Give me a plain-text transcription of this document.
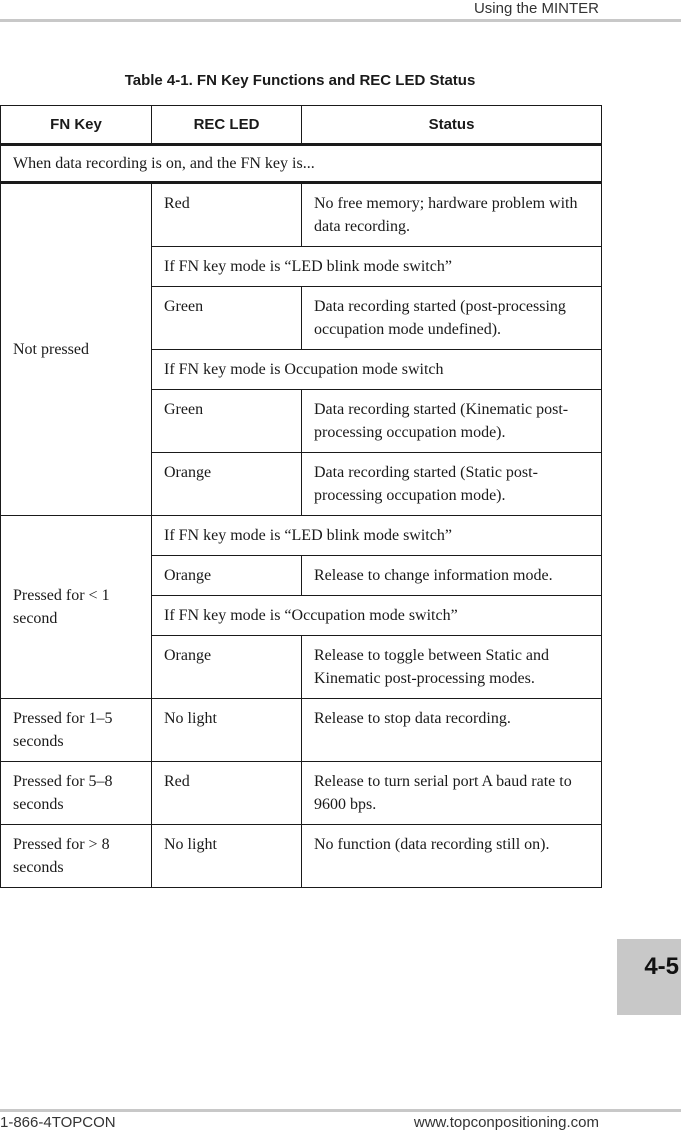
Using the MINTER
Table 4-1. FN Key Functions and REC LED Status
FN Key	REC LED	Status
When data recording is on, and the FN key is...		
Not pressed	Red	No free memory; hardware problem with data recording.
	If FN key mode is “LED blink mode switch”	
	Green	Data recording started (post-processing occupation mode undefined).
	If FN key mode is Occupation mode switch	
	Green	Data recording started (Kinematic post-processing occupation mode).
	Orange	Data recording started (Static post-processing occupation mode).
Pressed for < 1 second	If FN key mode is “LED blink mode switch”	
	Orange	Release to change information mode.
	If FN key mode is “Occupation mode switch”	
	Orange	Release to toggle between Static and Kinematic post-processing modes.
Pressed for 1–5 seconds	No light	Release to stop data recording.
Pressed for 5–8 seconds	Red	Release to turn serial port A baud rate to 9600 bps.
Pressed for > 8 seconds	No light	No function (data recording still on).
4-5
1-866-4TOPCON	www.topconpositioning.com
